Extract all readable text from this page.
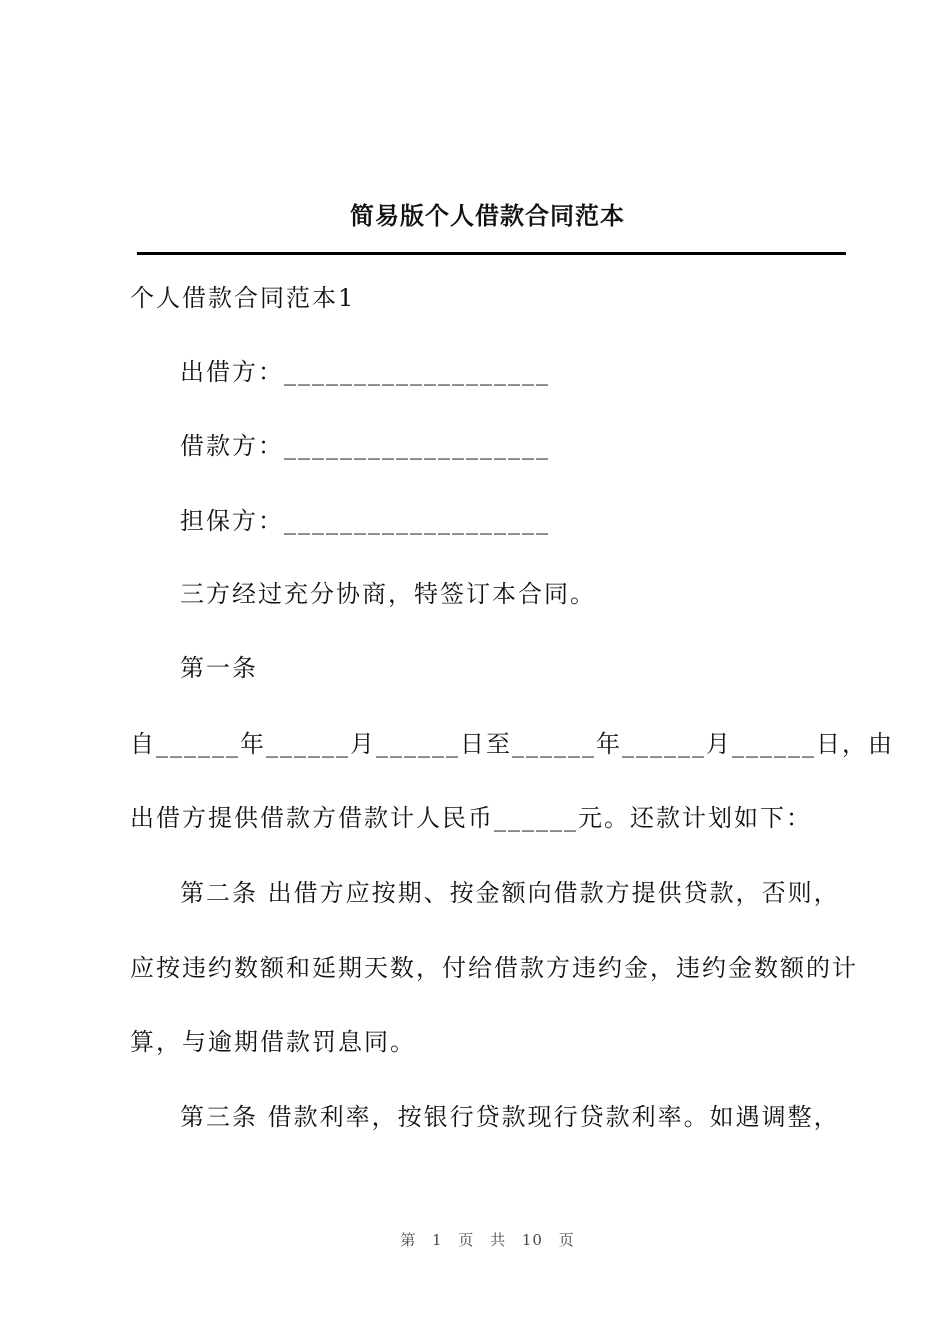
简易版个人借款合同范本

个人借款合同范本1

出借方：___________________

借款方：___________________

担保方：___________________

三方经过充分协商，特签订本合同。

第一条

自______年______月______日至______年______月______日，由

出借方提供借款方借款计人民币______元。还款计划如下：

第二条 出借方应按期、按金额向借款方提供贷款，否则，

应按违约数额和延期天数，付给借款方违约金，违约金数额的计

算，与逾期借款罚息同。

第三条 借款利率，按银行贷款现行贷款利率。如遇调整，

第 1 页 共 10 页
